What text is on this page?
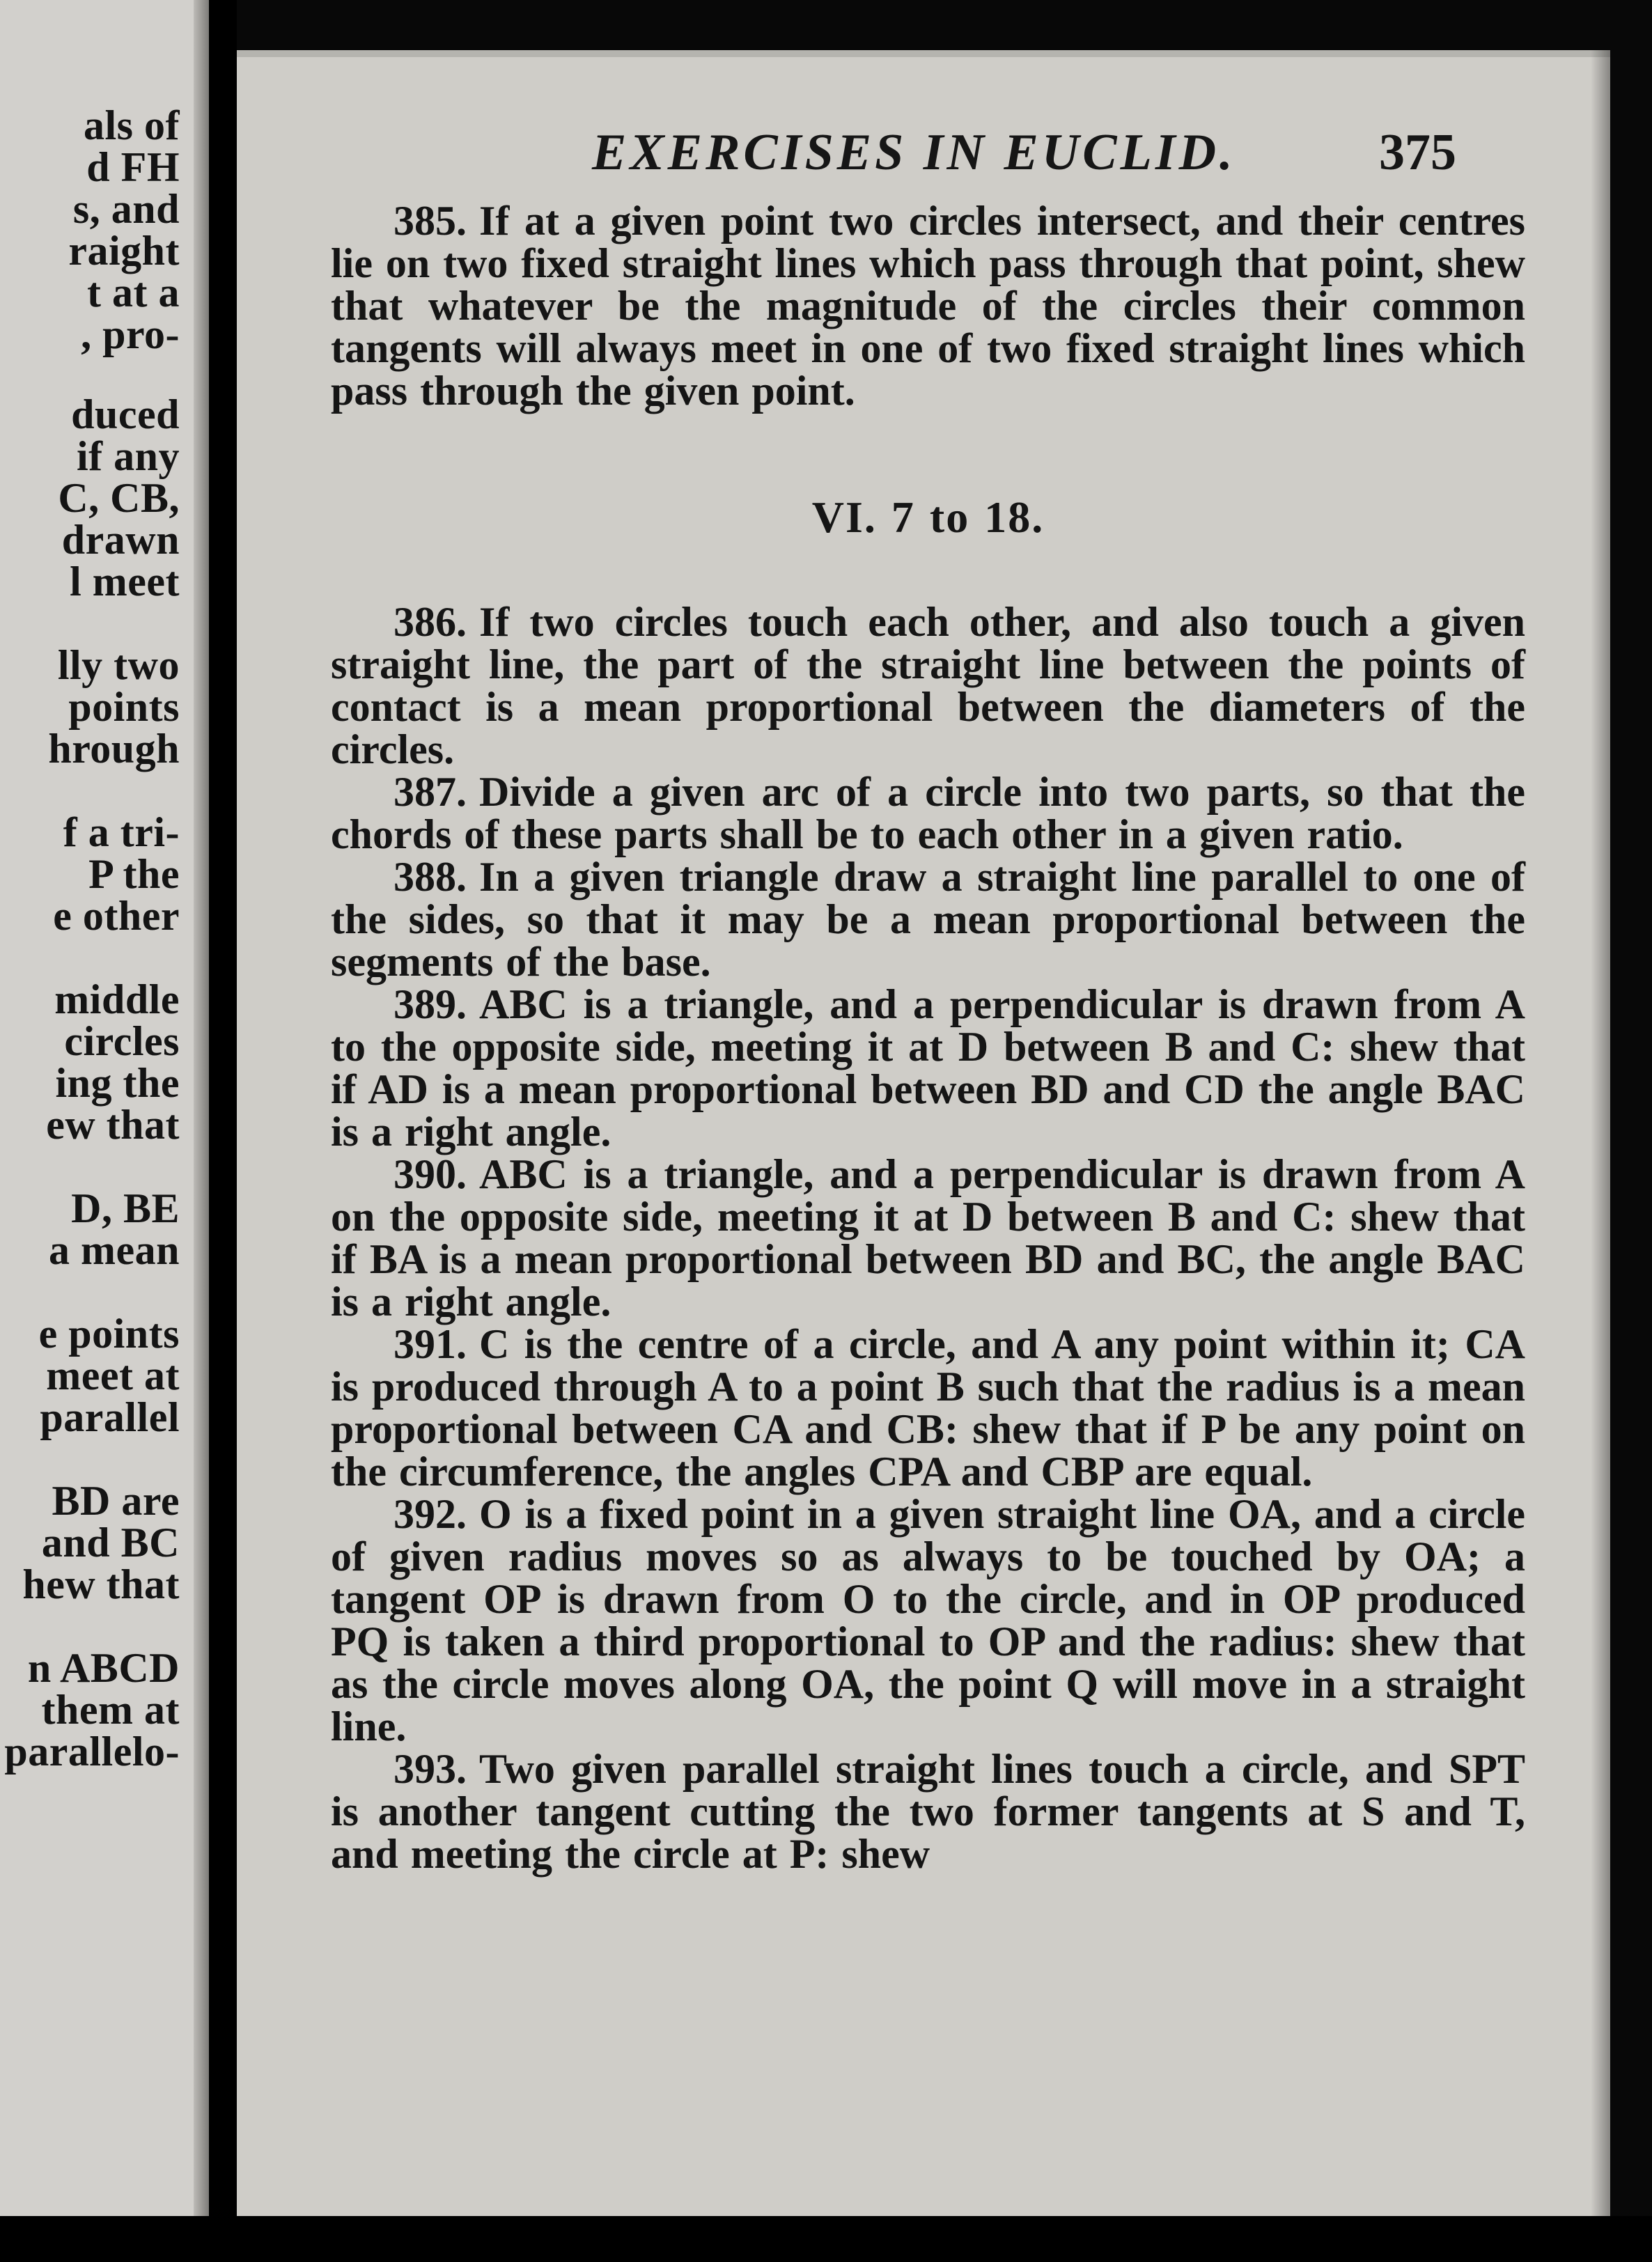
als of
d FH
s, and
raight
t at a
, pro-
duced
if any
C, CB,
drawn
l meet
lly two
points
hrough
f a tri-
P the
e other
middle
circles
ing the
ew that
D, BE
a mean
e points
meet at
parallel
BD are
and BC
hew that
n ABCD
them at
parallelo-
EXERCISES IN EUCLID.	375

385. If at a given point two circles intersect, and their centres lie on two fixed straight lines which pass through that point, shew that whatever be the magnitude of the circles their common tangents will always meet in one of two fixed straight lines which pass through the given point.

VI. 7 to 18.

386. If two circles touch each other, and also touch a given straight line, the part of the straight line between the points of contact is a mean proportional between the diameters of the circles.

387. Divide a given arc of a circle into two parts, so that the chords of these parts shall be to each other in a given ratio.

388. In a given triangle draw a straight line parallel to one of the sides, so that it may be a mean proportional between the segments of the base.

389. ABC is a triangle, and a perpendicular is drawn from A to the opposite side, meeting it at D between B and C: shew that if AD is a mean proportional between BD and CD the angle BAC is a right angle.

390. ABC is a triangle, and a perpendicular is drawn from A on the opposite side, meeting it at D between B and C: shew that if BA is a mean proportional between BD and BC, the angle BAC is a right angle.

391. C is the centre of a circle, and A any point within it; CA is produced through A to a point B such that the radius is a mean proportional between CA and CB: shew that if P be any point on the circumference, the angles CPA and CBP are equal.

392. O is a fixed point in a given straight line OA, and a circle of given radius moves so as always to be touched by OA; a tangent OP is drawn from O to the circle, and in OP produced PQ is taken a third proportional to OP and the radius: shew that as the circle moves along OA, the point Q will move in a straight line.

393. Two given parallel straight lines touch a circle, and SPT is another tangent cutting the two former tangents at S and T, and meeting the circle at P: shew
